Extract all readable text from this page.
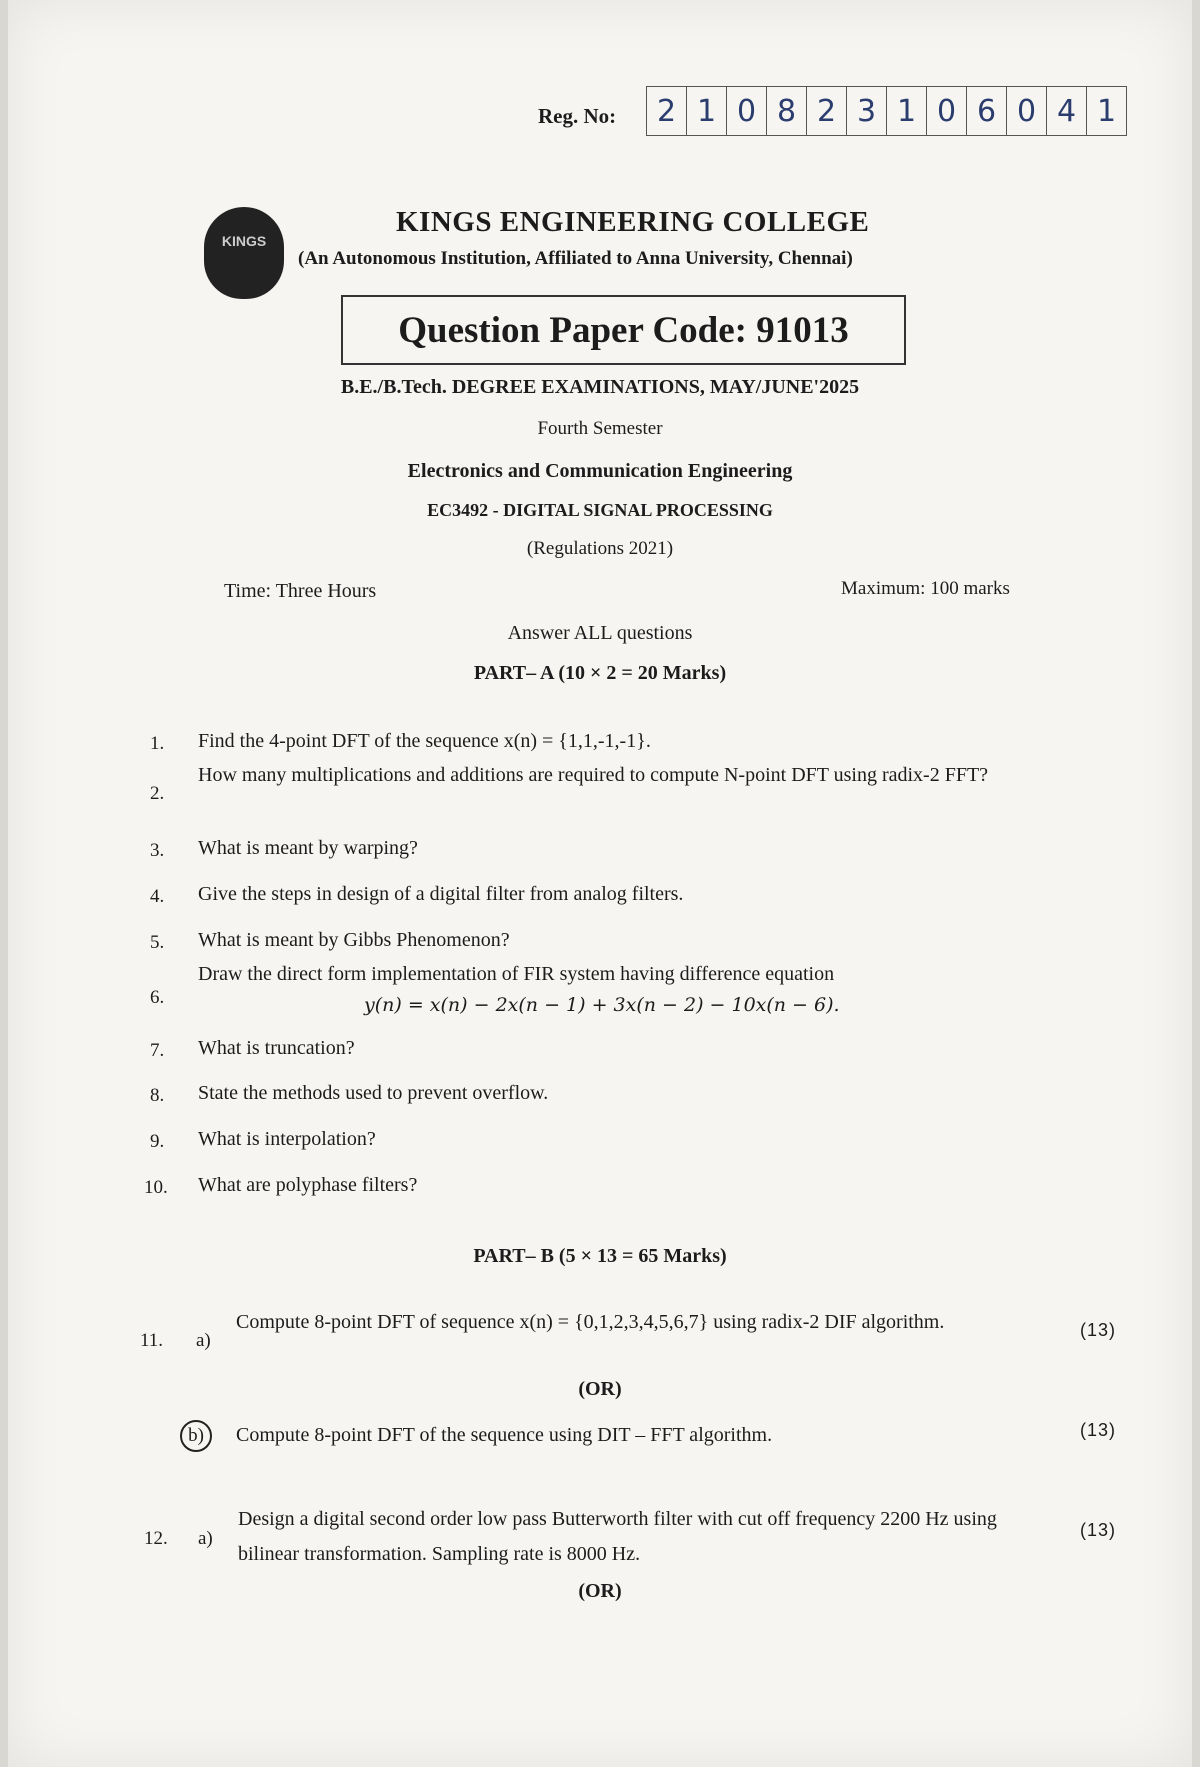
Reg. No:	2 1 0 8 2 3 1 0 6 0 4 1
KINGS
KINGS ENGINEERING COLLEGE
(An Autonomous Institution, Affiliated to Anna University, Chennai)
Question Paper Code: 91013
B.E./B.Tech. DEGREE EXAMINATIONS, MAY/JUNE'2025
Fourth Semester
Electronics and Communication Engineering
EC3492 - DIGITAL SIGNAL PROCESSING
(Regulations 2021)
Time: Three Hours	Maximum: 100 marks
Answer ALL questions
PART– A (10 × 2 = 20 Marks)
1.	Find the 4-point DFT of the sequence x(n) = {1,1,-1,-1}.
2.
How many multiplications and additions are required to compute N-point DFT using radix-2 FFT?
3.	What is meant by warping?
4.	Give the steps in design of a digital filter from analog filters.
5.	What is meant by Gibbs Phenomenon?
6.
Draw the direct form implementation of FIR system having difference equation
y(n) = x(n) − 2x(n − 1) + 3x(n − 2) − 10x(n − 6).
7.	What is truncation?
8.	State the methods used to prevent overflow.
9.	What is interpolation?
10.	What are polyphase filters?
PART– B (5 × 13 = 65 Marks)
11.	a)
Compute 8-point DFT of sequence x(n) = {0,1,2,3,4,5,6,7} using radix-2 DIF algorithm.	(13)
(OR)
b) Compute 8-point DFT of the sequence using DIT – FFT algorithm.	(13)
12.	a)
Design a digital second order low pass Butterworth filter with cut off frequency 2200 Hz using bilinear transformation. Sampling rate is 8000 Hz.
(13)
(OR)
